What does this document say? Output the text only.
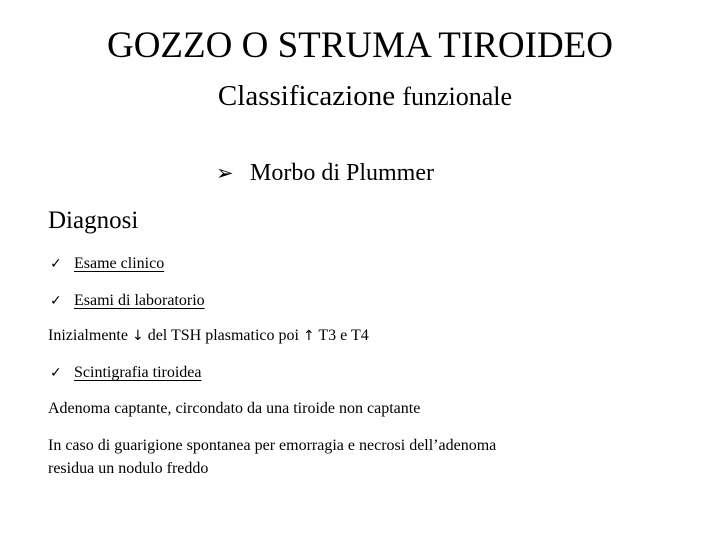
GOZZO O STRUMA TIROIDEO
Classificazione funzionale
➢ Morbo di Plummer
Diagnosi
✓ Esame clinico
✓ Esami di laboratorio
Inizialmente ↓ del TSH plasmatico poi ↑ T3 e T4
✓ Scintigrafia tiroidea
Adenoma captante, circondato da una tiroide non captante
In caso di guarigione spontanea per emorragia e necrosi dell’adenoma
residua un nodulo freddo
